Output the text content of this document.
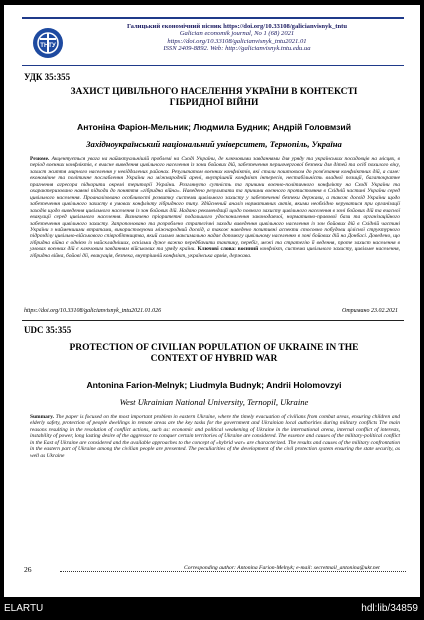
ТНТУ
Галицький економічний вісник https://doi.org/10.33108/galicianvisnyk_tntu
Galician economik journal, No 1 (68) 2021
https://doi.org/10.33108/galicianvisnyk_tntu2021.01
ISSN 2409-8892. Web: http://galicianvisnyk.tntu.edu.ua
УДК 35:355
ЗАХИСТ ЦИВІЛЬНОГО НАСЕЛЕННЯ УКРАЇНИ В КОНТЕКСТІ
ГІБРИДНОЇ ВІЙНИ
Антоніна Фаріон-Мельник; Людмила Будник; Андрій Головмзий
Західноукраїнський національний університет, Тернопіль, Україна
Резюме. Акцентується увага на найактуальнішій проблемі на Сході України, де ключовими завданнями для уряду та українських посадовців на місцях, в період воєнних конфліктів, є вчасне виведення цивільного населення із зони бойових дій, забезпечення першочергової безпеки для дітей та осіб похилого віку, захист життя мирного населення у невіддалених районах. Результатом воєнних конфліктів, які стали поштовхом до розв'язання конфліктних дій, а саме: економічне та політичне послаблення України на міжнародній арені, внутрішній конфлікт інтересів, нестабільність владної позиції, багатократне прагнення агресора підкорити окремі території України. Розглянуто сутність та причини воєнно-політичного конфлікту на Сході України та охарактеризовано наявні підходи до поняття «гібридна війна». Наведено результати та причини воєнного протистояння в Східній частині України серед цивільного населення. Проаналізовано особливості розвитку системи цивільного захисту у забезпеченні безпеки держави, а також досвід України щодо забезпечення цивільного захисту в умовах конфлікту гібридного типу. Здійснений аналіз нормативних актів, якими необхідно керуватися при організації заходів щодо виведення цивільного населення із зон бойових дій. Надано рекомендації щодо повного захисту цивільного населення в зоні бойових дій та вчасної евакуації серед цивільного населення. Визначено пріоритетні подальшого удосконалення законодавчої, нормативно-правової бази та організаційного забезпечення цивільного захисту. Запропоновано та розроблено стратегічні заходи виведення цивільного населення із зон бойових дій в Східній частині України з найменшими втратами, використовуючи міжнародний досвід, а також наведено позитивні аспекти стосовно побудови цілісної структурного підрозділу цивільно-військового співробітництва, який сильно максимально надає допомогу цивільному населенню в зоні бойових дій на Донбасі. Доведено, що гібридна війна є однією із найскладніших, оскільки дуже важко передбачити тактику, перебіг, межі та стратегію її ведення, проте захист населення в умовах воєнних дій є ключовим завданням військових та уряду країни. Ключові слова: воєнний конфлікт, система цивільного захисту, цивільне населення, гібридна війна, бойові дії, евакуація, безпека, внутрішній конфлікт, українська армія, держава.
https://doi.org/10.33108/galicianvisnyk_tntu2021.01.026	Отримано 23.02.2021
UDC 35:355
PROTECTION OF CIVILIAN POPULATION OF UKRAINE IN THE
CONTEXT OF HYBRID WAR
Antonina Farion-Melnyk; Liudmyla Budnyk; Andrii Holomovzyi
West Ukrainian National University, Ternopil, Ukraine
Summary. The paper is focused on the most important problem in eastern Ukraine, where the timely evacuation of civilians from combat areas, ensuring children and elderly safety, protection of people dwellings in remote areas are the key tasks for the government and Ukrainian local authorities during military conflicts The main reasons resulting in the resolution of conflict actions, such as: economic and political weakening of Ukraine in the international arena, internal conflict of interests, instability of power, long lasting desire of the aggressor to conquer certain territories of Ukraine are considered. The essence and causes of the military-political conflict in the East of Ukraine are considered and the available approaches to the concept of «hybrid war» are characterized. The results and causes of the military confrontation in the eastern part of Ukraine among the civilian people are presented. The peculiarities of the development of the civil protection system ensuring the state security, as well as Ukraine
26	Corresponding author: Antonina Farion-Melnyk; e-mail: secretmail_antonina@ukr.net
ELARTU	hdl:lib/34859
